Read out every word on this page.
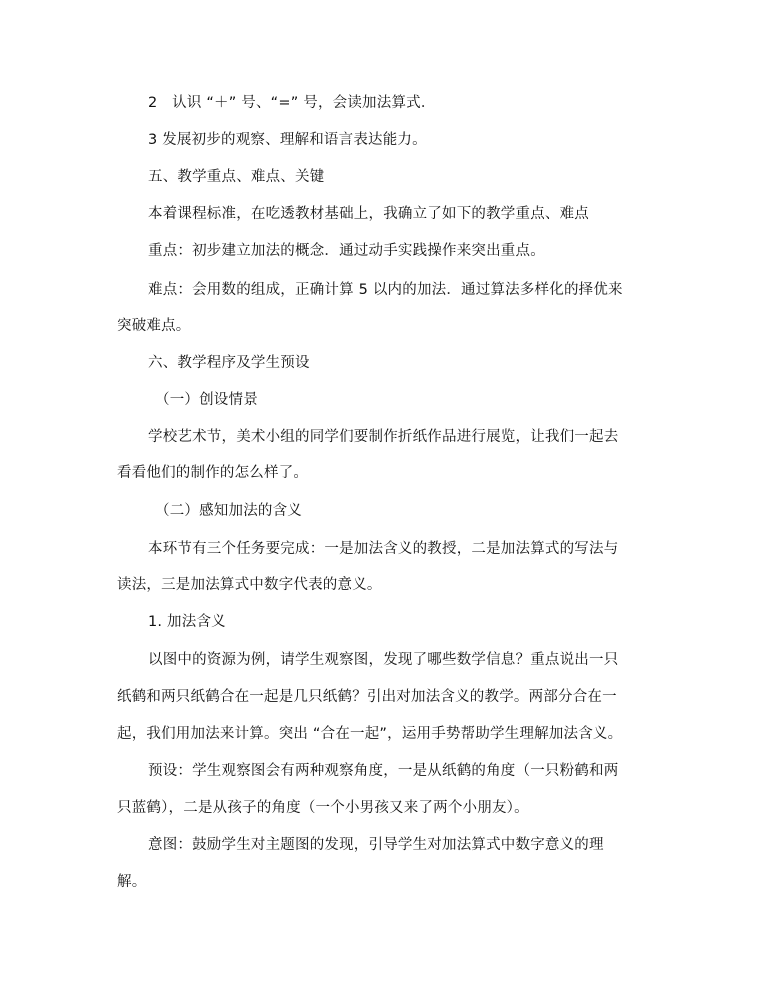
2　认识 “＋” 号、“=” 号，会读加法算式．
3 发展初步的观察、理解和语言表达能力。
五、教学重点、难点、关键
本着课程标准，在吃透教材基础上，我确立了如下的教学重点、难点
重点：初步建立加法的概念．通过动手实践操作来突出重点。
难点：会用数的组成，正确计算 5 以内的加法．通过算法多样化的择优来
突破难点。
六、教学程序及学生预设
（一）创设情景
学校艺术节，美术小组的同学们要制作折纸作品进行展览，让我们一起去
看看他们的制作的怎么样了。
（二）感知加法的含义
本环节有三个任务要完成：一是加法含义的教授，二是加法算式的写法与
读法，三是加法算式中数字代表的意义。
1. 加法含义
以图中的资源为例，请学生观察图，发现了哪些数学信息？重点说出一只
纸鹤和两只纸鹤合在一起是几只纸鹤？引出对加法含义的教学。两部分合在一
起，我们用加法来计算。突出 “合在一起”，运用手势帮助学生理解加法含义。
预设：学生观察图会有两种观察角度，一是从纸鹤的角度（一只粉鹤和两
只蓝鹤），二是从孩子的角度（一个小男孩又来了两个小朋友）。
意图：鼓励学生对主题图的发现，引导学生对加法算式中数字意义的理
解。
